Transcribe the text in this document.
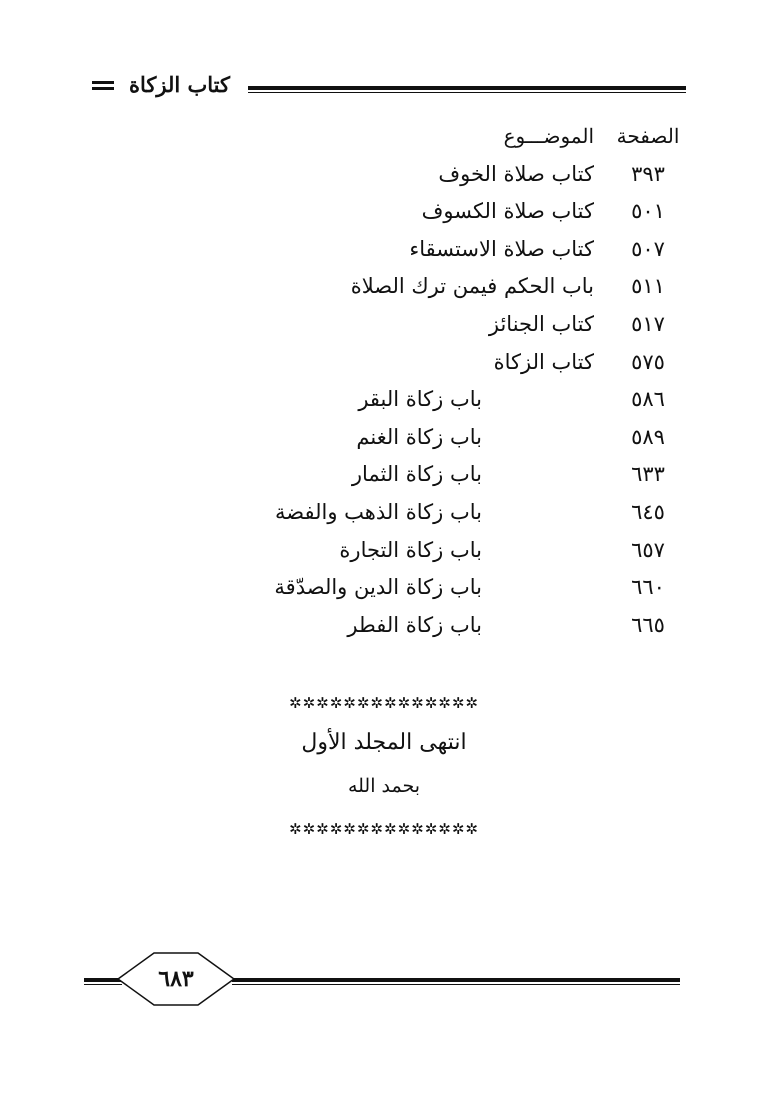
كتاب الزكاة
الصفحة
الموضـــوع
٣٩٣
كتاب صلاة الخوف
٥٠١
كتاب صلاة الكسوف
٥٠٧
كتاب صلاة الاستسقاء
٥١١
باب الحكم فيمن ترك الصلاة
٥١٧
كتاب الجنائز
٥٧٥
كتاب الزكاة
٥٨٦
باب زكاة البقر
٥٨٩
باب زكاة الغنم
٦٣٣
باب زكاة الثمار
٦٤٥
باب زكاة الذهب والفضة
٦٥٧
باب زكاة التجارة
٦٦٠
باب زكاة الدين والصدّقة
٦٦٥
باب زكاة الفطر
✲✲✲✲✲✲✲✲✲✲✲✲✲✲
انتهى المجلد الأول
بحمد الله
✲✲✲✲✲✲✲✲✲✲✲✲✲✲
٦٨٣
